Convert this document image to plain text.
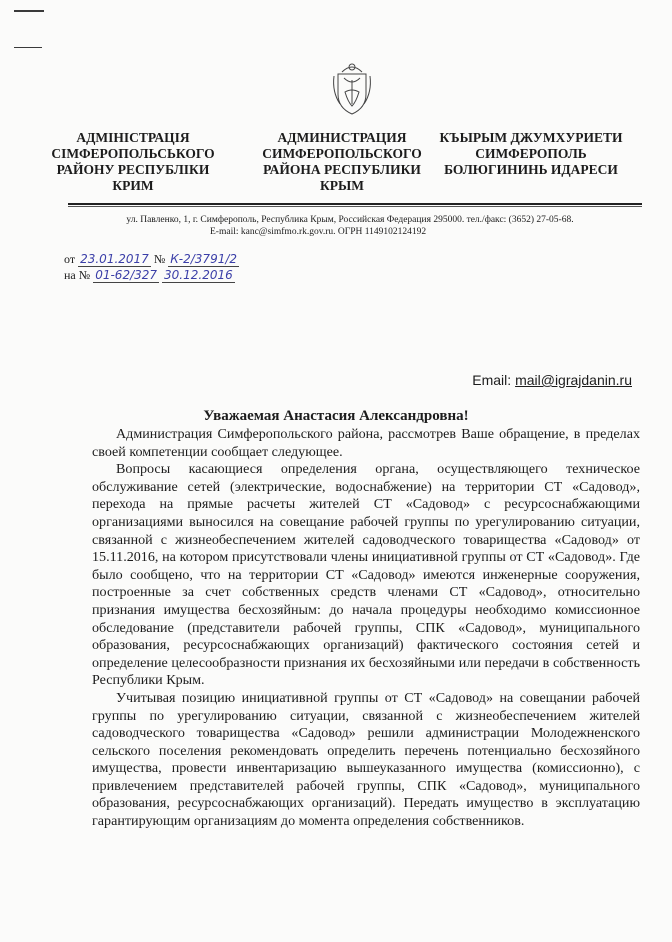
АДМІНІСТРАЦІЯ СІМФЕРОПОЛЬСЬКОГО РАЙОНУ РЕСПУБЛІКИ КРИМ
АДМИНИСТРАЦИЯ СИМФЕРОПОЛЬСКОГО РАЙОНА РЕСПУБЛИКИ КРЫМ
КЪЫРЫМ ДЖУМХУРИЕТИ СИМФЕРОПОЛЬ БОЛЮГИНИНЬ ИДАРЕСИ
ул. Павленко, 1, г. Симферополь, Республика Крым, Российская Федерация 295000. тел./факс: (3652) 27-05-68.
E-mail: kanc@simfmo.rk.gov.ru. ОГРН 1149102124192
от 23.01.2017 № К-2/3791/2
на № 01-62/327 30.12.2016
Email: mail@igrajdanin.ru
Уважаемая Анастасия Александровна!

Администрация Симферопольского района, рассмотрев Ваше обращение, в пределах своей компетенции сообщает следующее.

Вопросы касающиеся определения органа, осуществляющего техническое обслуживание сетей (электрические, водоснабжение) на территории СТ «Садовод», перехода на прямые расчеты жителей СТ «Садовод» с ресурсоснабжающими организациями выносился на совещание рабочей группы по урегулированию ситуации, связанной с жизнеобеспечением жителей садоводческого товарищества «Садовод» от 15.11.2016, на котором присутствовали члены инициативной группы от СТ «Садовод». Где было сообщено, что на территории СТ «Садовод» имеются инженерные сооружения, построенные за счет собственных средств членами СТ «Садовод», относительно признания имущества бесхозяйным: до начала процедуры необходимо комиссионное обследование (представители рабочей группы, СПК «Садовод», муниципального образования, ресурсоснабжающих организаций) фактического состояния сетей и определение целесообразности признания их бесхозяйными или передачи в собственность Республики Крым.

Учитывая позицию инициативной группы от СТ «Садовод» на совещании рабочей группы по урегулированию ситуации, связанной с жизнеобеспечением жителей садоводческого товарищества «Садовод» решили администрации Молодежненского сельского поселения рекомендовать определить перечень потенциально бесхозяйного имущества, провести инвентаризацию вышеуказанного имущества (комиссионно), с привлечением представителей рабочей группы, СПК «Садовод», муниципального образования, ресурсоснабжающих организаций). Передать имущество в эксплуатацию гарантирующим организациям до момента определения собственников.
